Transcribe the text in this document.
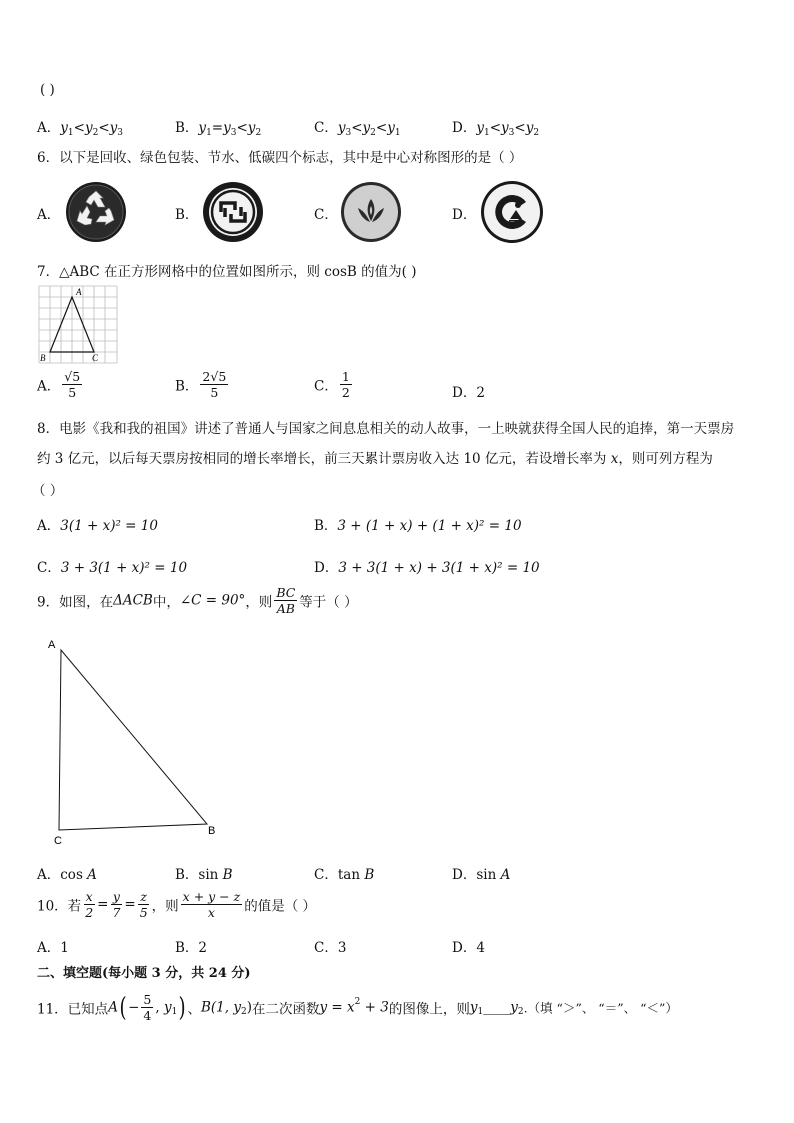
( )
A．$y_1<y_2<y_3$	B．$y_1=y_3<y_2$	C．$y_3<y_2<y_1$	D．$y_1<y_3<y_2$
6．以下是回收、绿色包装、节水、低碳四个标志，其中是中心对称图形的是（ ）
A．	B．	C．	D．
7．△ABC 在正方形网格中的位置如图所示，则 cosB 的值为( )
A
B	C
A． $\frac{√5}{5}$	B． $\frac{2√5}{5}$	C． $\frac{1}{2}$	D．2
8．电影《我和我的祖国》讲述了普通人与国家之间息息相关的动人故事，一上映就获得全国人民的追捧，第一天票房
约 3 亿元，以后每天票房按相同的增长率增长，前三天累计票房收入达 10 亿元，若设增长率为 x，则可列方程为
（ ）
A．3(1 + x)² = 10	B．3 + (1 + x) + (1 + x)² = 10
C．3 + 3(1 + x)² = 10	D．3 + 3(1 + x) + 3(1 + x)² = 10
9．如图，在ΔACB中，∠C = 90°，则 $\frac{BC}{AB}$ 等于（ ）
A
C
B
A．cos A	B．sin B	C．tan B	D．sin A
10．若 $\frac{x}{2} = \frac{y}{7} = \frac{z}{5}$ ，则 $\frac{x + y - z}{x}$ 的值是（ ）
A．1	B．2	C．3	D．4
二、填空题(每小题 3 分，共 24 分)
11．已知点$A( - \frac{5}{4}$ , $y_1$) 、B(1, $y_2$)在二次函数$y = x^2 + 3$的图像上，则$y_1\_\_\_\_y_2$.（填 “＞”、 “＝”、 “＜”）
